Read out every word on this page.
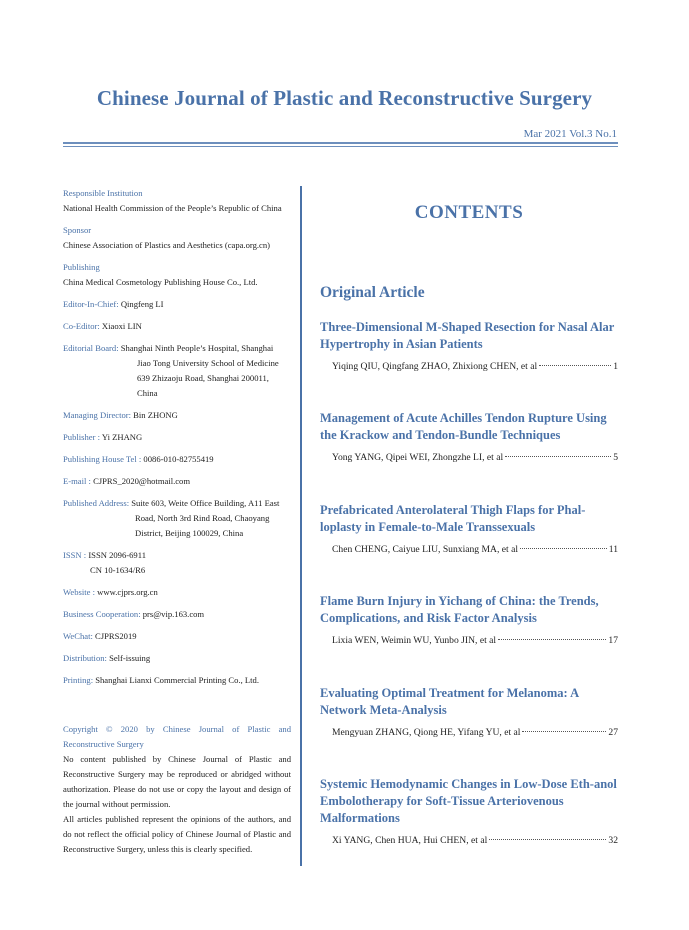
Chinese Journal of Plastic and Reconstructive Surgery
Mar 2021 Vol.3 No.1
Responsible Institution
National Health Commission of the People’s Republic of China
Sponsor
Chinese Association of Plastics and Aesthetics (capa.org.cn)
Publishing
China Medical Cosmetology Publishing House Co., Ltd.
Editor-In-Chief: Qingfeng LI
Co-Editor: Xiaoxi LIN
Editorial Board: Shanghai Ninth People’s Hospital, Shanghai
Jiao Tong University School of Medicine
639 Zhizaoju Road, Shanghai 200011, China
Managing Director: Bin ZHONG
Publisher : Yi ZHANG
Publishing House Tel : 0086-010-82755419
E-mail : CJPRS_2020@hotmail.com
Published Address: Suite 603, Weite Office Building, A11 East
Road, North 3rd Rind Road, Chaoyang
District, Beijing 100029, China
ISSN : ISSN 2096-6911
CN 10-1634/R6
Website : www.cjprs.org.cn
Business Cooperation: prs@vip.163.com
WeChat: CJPRS2019
Distribution: Self-issuing
Printing: Shanghai Lianxi Commercial Printing Co., Ltd.

Copyright © 2020 by Chinese Journal of Plastic and Reconstructive Surgery

No content published by Chinese Journal of Plastic and Reconstructive Surgery may be reproduced or abridged without authorization. Please do not use or copy the layout and design of the journal without permission.

All articles published represent the opinions of the authors, and do not reflect the official policy of Chinese Journal of Plastic and Reconstructive Surgery, unless this is clearly specified.

CONTENTS
Original Article
Three-Dimensional M-Shaped Resection for Nasal Alar Hypertrophy in Asian Patients
Yiqing QIU, Qingfang ZHAO, Zhixiong CHEN, et al	1
Management of Acute Achilles Tendon Rupture Using the Krackow and Tendon-Bundle Techniques
Yong YANG, Qipei WEI, Zhongzhe LI, et al	5
Prefabricated Anterolateral Thigh Flaps for Phal-loplasty in Female-to-Male Transsexuals
Chen CHENG, Caiyue LIU, Sunxiang MA, et al	11
Flame Burn Injury in Yichang of China: the Trends, Complications, and Risk Factor Analysis
Lixia WEN, Weimin WU, Yunbo JIN, et al	17
Evaluating Optimal Treatment for Melanoma: A Network Meta-Analysis
Mengyuan ZHANG, Qiong HE, Yifang YU, et al	27
Systemic Hemodynamic Changes in Low-Dose Eth-anol Embolotherapy for Soft-Tissue Arteriovenous Malformations
Xi YANG, Chen HUA, Hui CHEN, et al	32
